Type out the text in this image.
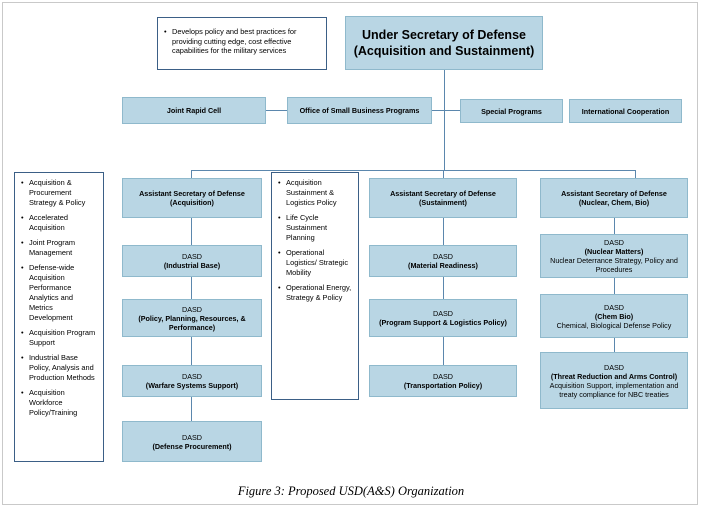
Under Secretary of Defense
(Acquisition and Sustainment)
• Develops policy and best practices for providing cutting edge, cost effective capabilities for the military services
Joint Rapid Cell	Office of Small Business Programs	Special Programs	International Cooperation
• Acquisition & Procurement Strategy & Policy
• Accelerated Acquisition
• Joint Program Management
• Defense-wide Acquisition Performance Analytics and Metrics Development
• Acquisition Program Support
• Industrial Base Policy, Analysis and Production Methods
• Acquisition Workforce Policy/Training
• Acquisition Sustainment & Logistics Policy
• Life Cycle Sustainment Planning
• Operational Logistics/ Strategic Mobility
• Operational Energy, Strategy & Policy
Assistant Secretary of Defense
(Acquisition)
DASD
(Industrial Base)
DASD
(Policy, Planning, Resources, & Performance)
DASD
(Warfare Systems Support)
DASD
(Defense Procurement)
Assistant Secretary of Defense
(Sustainment)
DASD
(Material Readiness)
DASD
(Program Support & Logistics Policy)
DASD
(Transportation Policy)
Assistant Secretary of Defense
(Nuclear, Chem, Bio)
DASD
(Nuclear Matters)
Nuclear Deterrance Strategy, Policy and Procedures
DASD
(Chem Bio)
Chemical, Biological Defense Policy
DASD
(Threat Reduction and Arms Control)
Acquisition Support, implementation and treaty compliance for NBC treaties
Figure 3: Proposed USD(A&S) Organization
